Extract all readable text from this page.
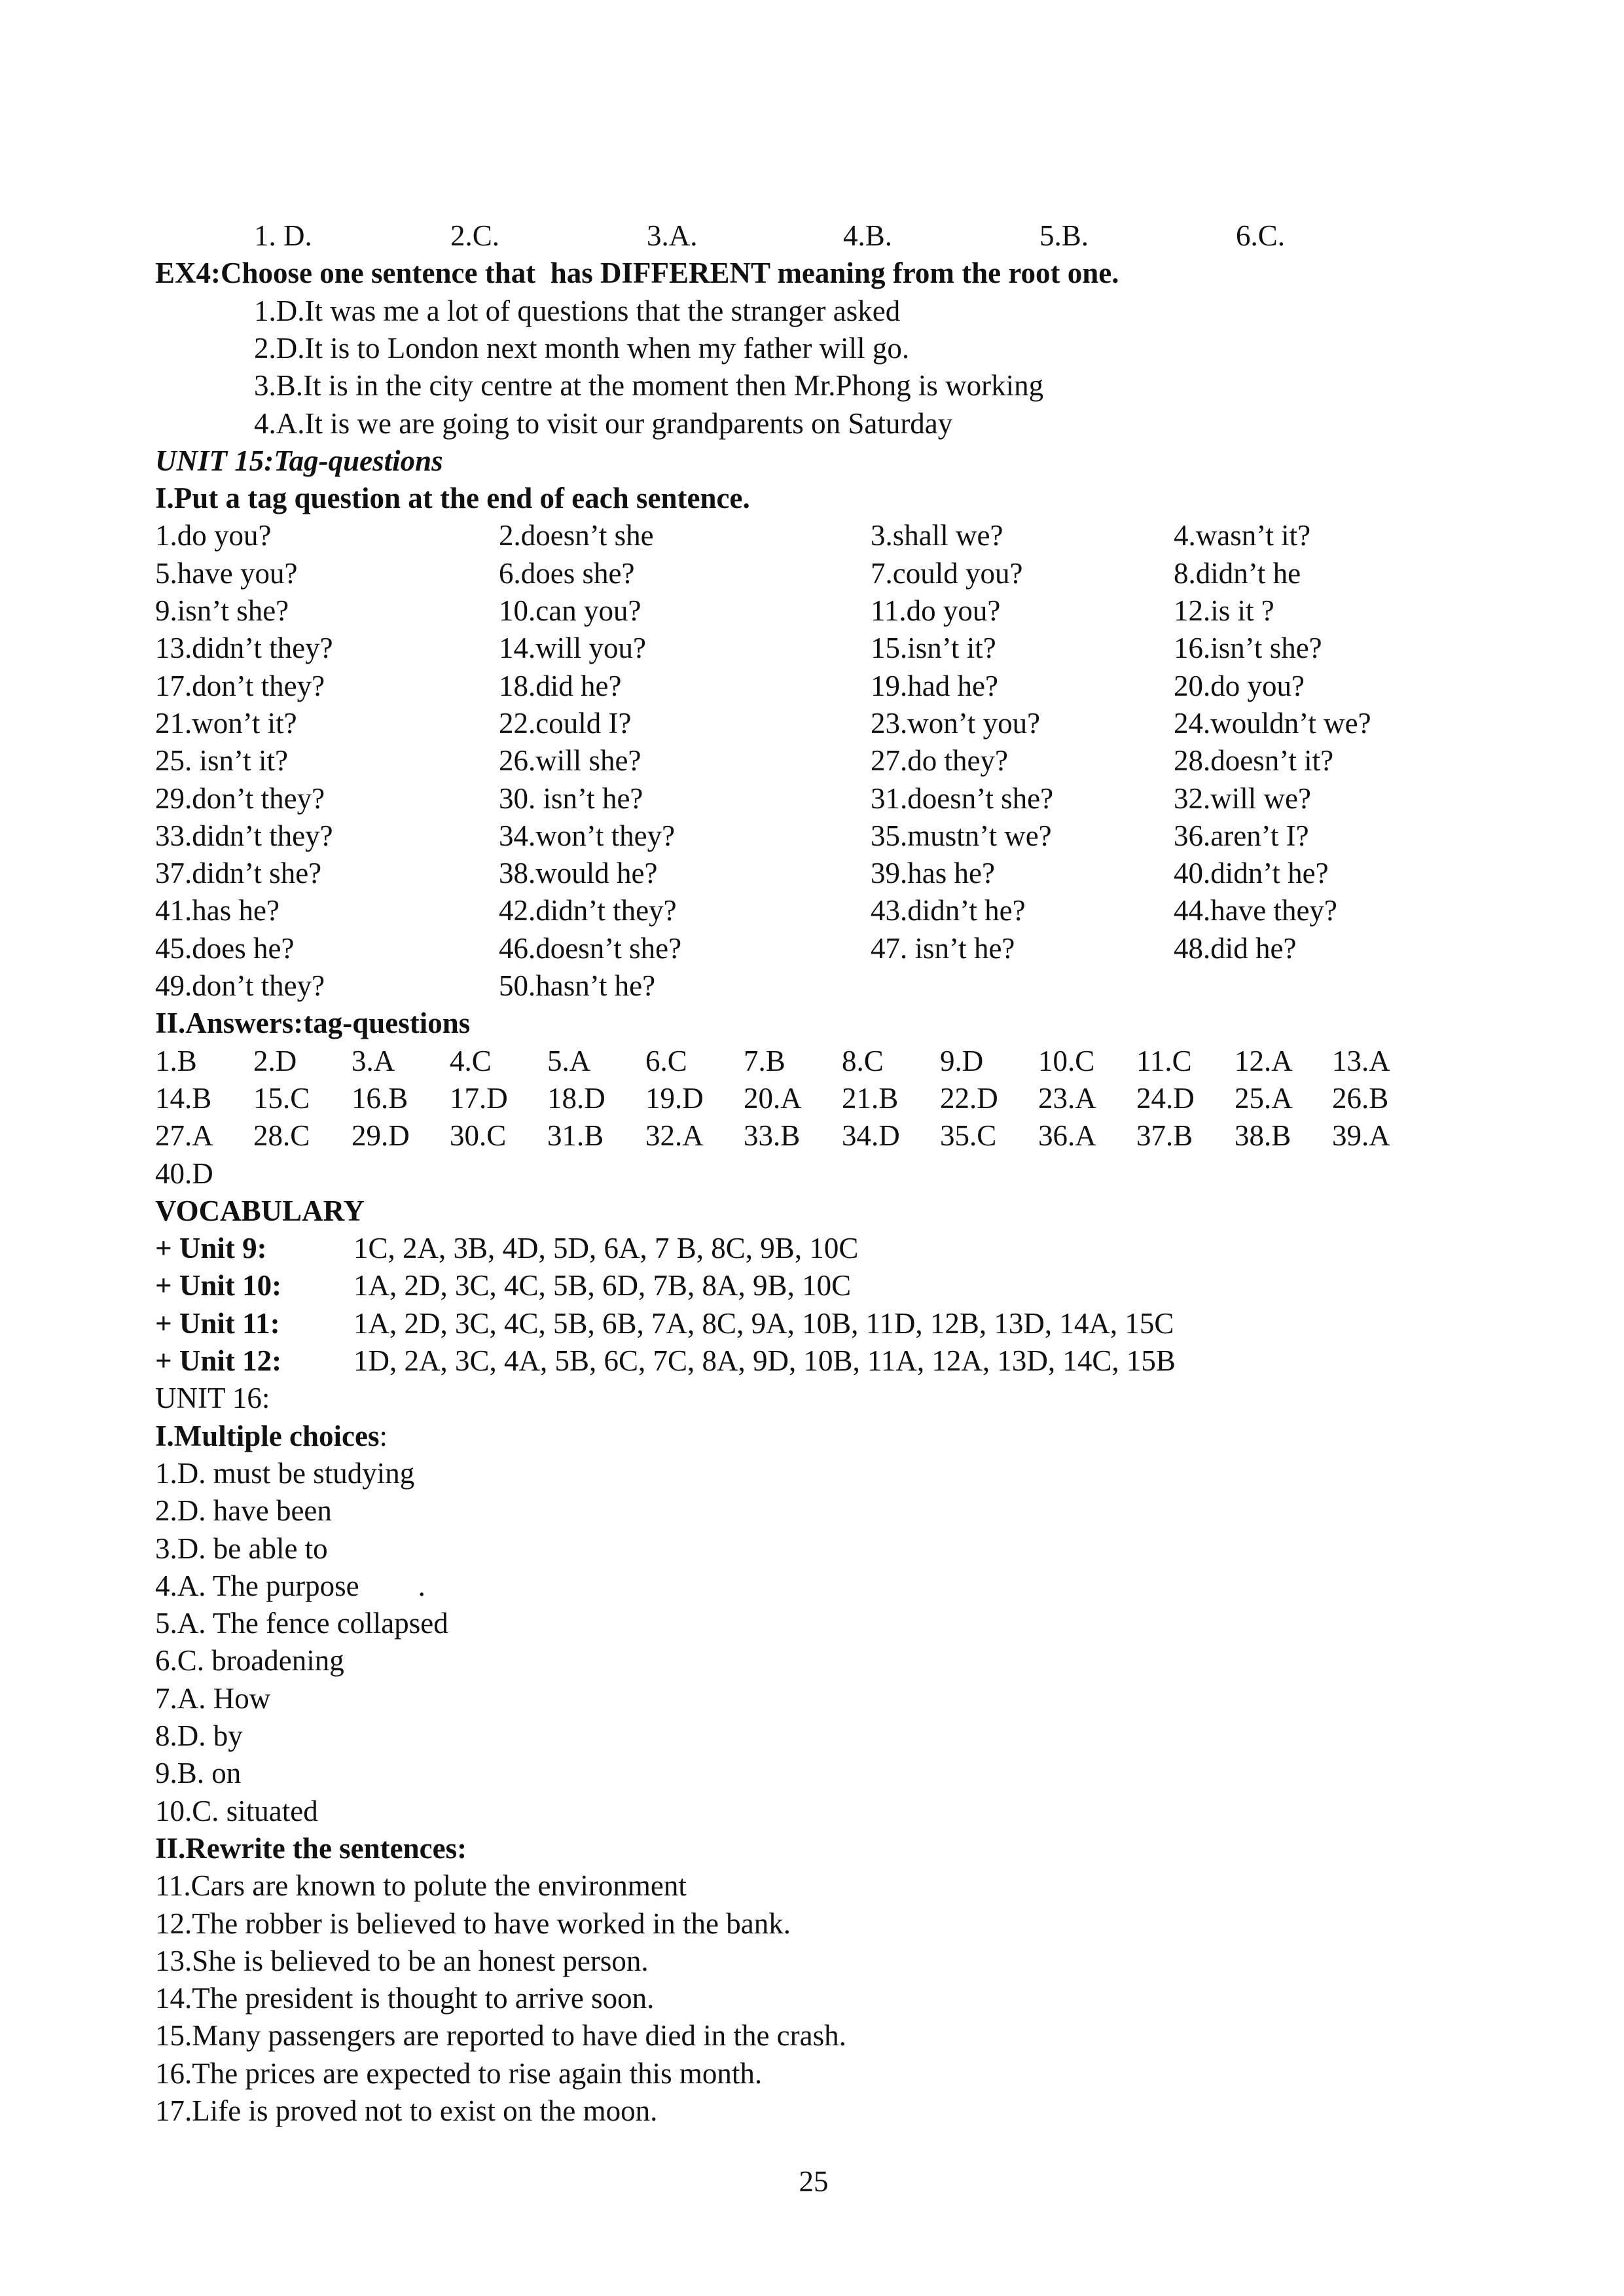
25
1. D.	2.C.	3.A.	4.B.	5.B.	6.C.
EX4:Choose one sentence that  has DIFFERENT meaning from the root one.
1.D.It was me a lot of questions that the stranger asked
2.D.It is to London next month when my father will go.
3.B.It is in the city centre at the moment then Mr.Phong is working
4.A.It is we are going to visit our grandparents on Saturday
UNIT 15:Tag-questions
I.Put a tag question at the end of each sentence.
1.do you?	2.doesn’t she	3.shall we?	4.wasn’t it?
5.have you?	6.does she?	7.could you?	8.didn’t he
9.isn’t she?	10.can you?	11.do you?	12.is it ?
13.didn’t they?	14.will you?	15.isn’t it?	16.isn’t she?
17.don’t they?	18.did he?	19.had he?	20.do you?
21.won’t it?	22.could I?	23.won’t you?	24.wouldn’t we?
25. isn’t it?	26.will she?	27.do they?	28.doesn’t it?
29.don’t they?	30. isn’t he?	31.doesn’t she?	32.will we?
33.didn’t they?	34.won’t they?	35.mustn’t we?	36.aren’t I?
37.didn’t she?	38.would he?	39.has he?	40.didn’t he?
41.has he?	42.didn’t they?	43.didn’t he?	44.have they?
45.does he?	46.doesn’t she?	47. isn’t he?	48.did he?
49.don’t they?	50.hasn’t he?
II.Answers:tag-questions
1.B 2.D 3.A 4.C 5.A 6.C 7.B 8.C 9.D 10.C 11.C 12.A 13.A
14.B 15.C 16.B 17.D 18.D 19.D 20.A 21.B 22.D 23.A 24.D 25.A 26.B
27.A 28.C 29.D 30.C 31.B 32.A 33.B 34.D 35.C 36.A 37.B 38.B 39.A
40.D
VOCABULARY
+ Unit 9:	1C, 2A, 3B, 4D, 5D, 6A, 7 B, 8C, 9B, 10C
+ Unit 10: 1A, 2D, 3C, 4C, 5B, 6D, 7B, 8A, 9B, 10C
+ Unit 11: 1A, 2D, 3C, 4C, 5B, 6B, 7A, 8C, 9A, 10B, 11D, 12B, 13D, 14A, 15C
+ Unit 12: 1D, 2A, 3C, 4A, 5B, 6C, 7C, 8A, 9D, 10B, 11A, 12A, 13D, 14C, 15B
UNIT 16:
I.Multiple choices:
1.D. must be studying
2.D. have been
3.D. be able to
4.A. The purpose        .
5.A. The fence collapsed
6.C. broadening
7.A. How
8.D. by
9.B. on
10.C. situated
II.Rewrite the sentences:
11.Cars are known to polute the environment
12.The robber is believed to have worked in the bank.
13.She is believed to be an honest person.
14.The president is thought to arrive soon.
15.Many passengers are reported to have died in the crash.
16.The prices are expected to rise again this month.
17.Life is proved not to exist on the moon.
